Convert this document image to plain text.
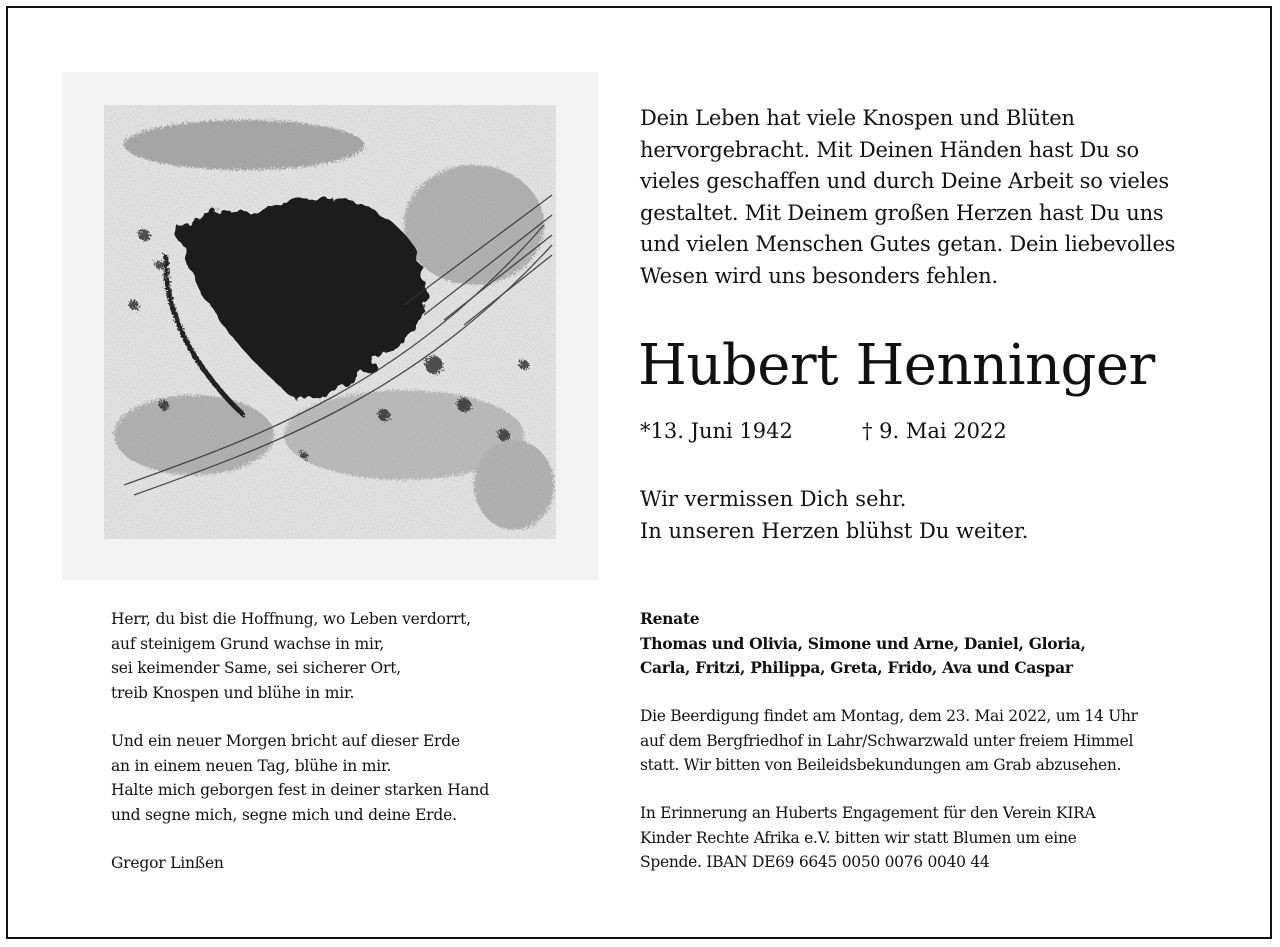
Dein Leben hat viele Knospen und Blüten
hervorgebracht. Mit Deinen Händen hast Du so
vieles geschaffen und durch Deine Arbeit so vieles
gestaltet. Mit Deinem großen Herzen hast Du uns
und vielen Menschen Gutes getan. Dein liebevolles
Wesen wird uns besonders fehlen.
Hubert Henninger
*13. Juni 1942	† 9. Mai 2022
Wir vermissen Dich sehr.
In unseren Herzen blühst Du weiter.
Herr, du bist die Hoffnung, wo Leben verdorrt,
auf steinigem Grund wachse in mir,
sei keimender Same, sei sicherer Ort,
treib Knospen und blühe in mir.
Und ein neuer Morgen bricht auf dieser Erde
an in einem neuen Tag, blühe in mir.
Halte mich geborgen fest in deiner starken Hand
und segne mich, segne mich und deine Erde.
Gregor Linßen
Renate
Thomas und Olivia, Simone und Arne, Daniel, Gloria,
Carla, Fritzi, Philippa, Greta, Frido, Ava und Caspar
Die Beerdigung findet am Montag, dem 23. Mai 2022, um 14 Uhr
auf dem Bergfriedhof in Lahr/Schwarzwald unter freiem Himmel
statt. Wir bitten von Beileidsbekundungen am Grab abzusehen.
In Erinnerung an Huberts Engagement für den Verein KIRA
Kinder Rechte Afrika e.V. bitten wir statt Blumen um eine
Spende. IBAN DE69 6645 0050 0076 0040 44
